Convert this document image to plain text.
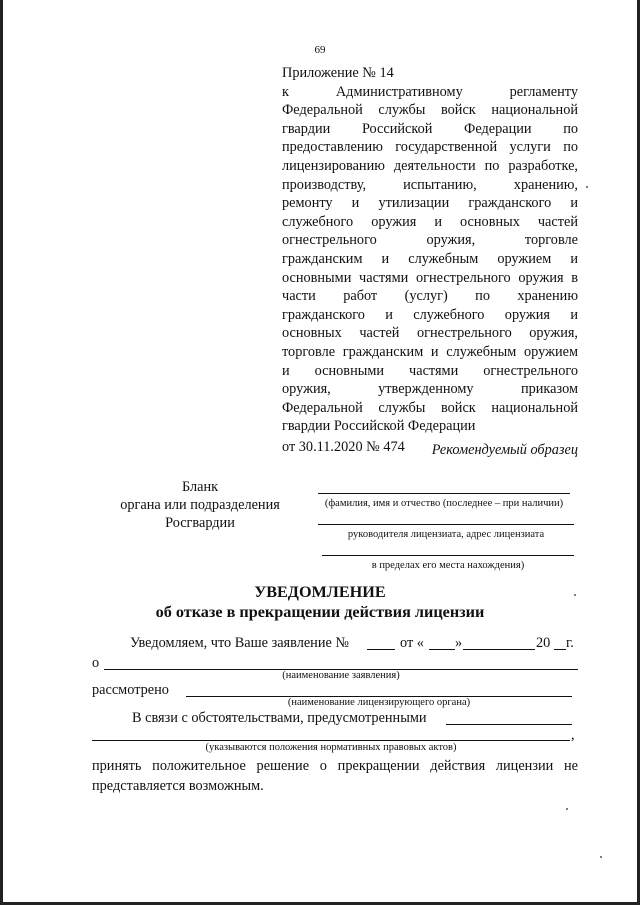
69
Приложение № 14
к Административному регламенту
Федеральной службы войск национальной
гвардии Российской Федерации по
предоставлению государственной услуги по
лицензированию деятельности по разработке,
производству, испытанию, хранению,
ремонту и утилизации гражданского и
служебного оружия и основных частей
огнестрельного оружия, торговле
гражданским и служебным оружием и
основными частями огнестрельного оружия в
части работ (услуг) по хранению
гражданского и служебного оружия и
основных частей огнестрельного оружия,
торговле гражданским и служебным оружием
и основными частями огнестрельного
оружия, утвержденному приказом
Федеральной службы войск национальной
гвардии Российской Федерации
от 30.11.2020 № 474	Рекомендуемый образец
Бланк
органа или подразделения
Росгвардии
(фамилия, имя и отчество (последнее – при наличии)
руководителя лицензиата, адрес лицензиата
в пределах его места нахождения)
УВЕДОМЛЕНИЕ
об отказе в прекращении действия лицензии
Уведомляем, что Ваше заявление №	от « »	20 г.
о
(наименование заявления)
рассмотрено
(наименование лицензирующего органа)
В связи с обстоятельствами, предусмотренными
,
(указываются положения нормативных правовых актов)
принять положительное решение о прекращении действия лицензии не
представляется возможным.
